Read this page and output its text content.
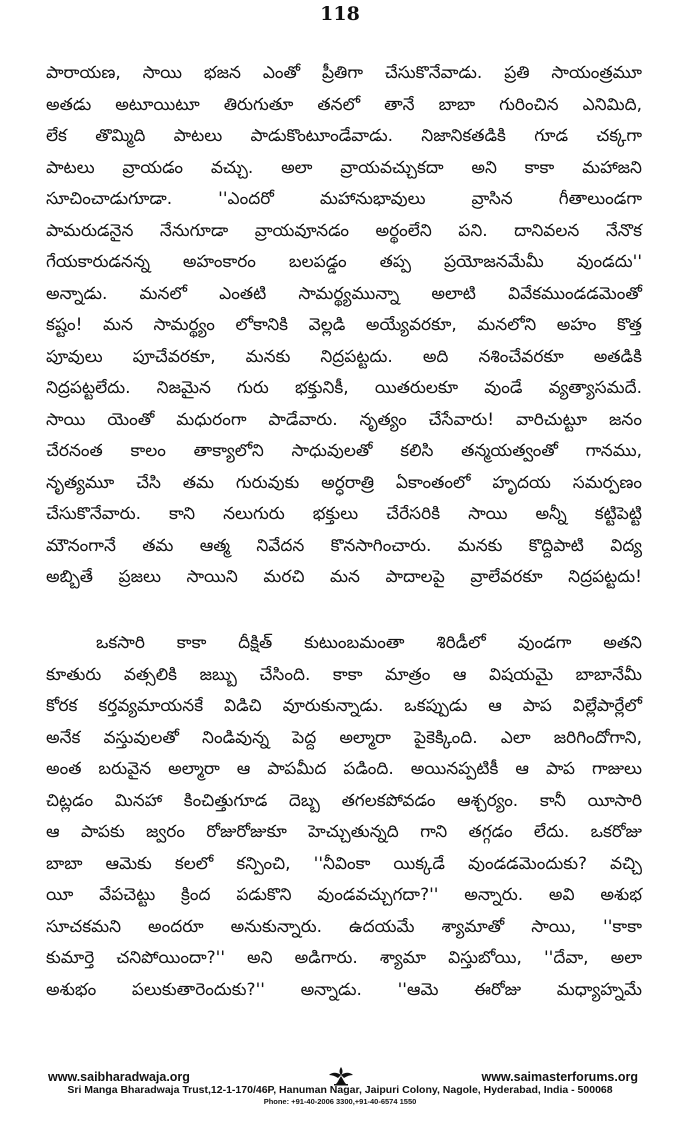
118
పారాయణ, సాయి భజన ఎంతో ప్రీతిగా చేసుకొనేవాడు. ప్రతి సాయంత్రమూ
అతడు అటూయిటూ తిరుగుతూ తనలో తానే బాబా గురించిన ఎనిమిది,
లేక తొమ్మిది పాటలు పాడుకొంటూండేవాడు. నిజానికతడికి గూడ చక్కగా
పాటలు వ్రాయడం వచ్చు. అలా వ్రాయవచ్చుకదా అని కాకా మహాజని
సూచించాడుగూడా. ''ఎందరో మహానుభావులు వ్రాసిన గీతాలుండగా
పామరుడనైన నేనుగూడా వ్రాయవూనడం అర్థంలేని పని. దానివలన నేనొక
గేయకారుడనన్న అహంకారం బలపడ్డం తప్ప ప్రయోజనమేమీ వుండదు''
అన్నాడు. మనలో ఎంతటి సామర్థ్యమున్నా అలాటి వివేకముండడమెంతో
కష్టం! మన సామర్థ్యం లోకానికి వెల్లడి అయ్యేవరకూ, మనలోని అహం కొత్త
పూవులు పూచేవరకూ, మనకు నిద్రపట్టదు. అది నశించేవరకూ అతడికి
నిద్రపట్టలేదు. నిజమైన గురు భక్తునికీ, యితరులకూ వుండే వ్యత్యాసమదే.
సాయి యెంతో మధురంగా పాడేవారు. నృత్యం చేసేవారు! వారిచుట్టూ జనం
చేరనంత కాలం తాక్యాలోని సాధువులతో కలిసి తన్మయత్వంతో గానము,
నృత్యమూ చేసి తమ గురువుకు అర్ధరాత్రి ఏకాంతంలో హృదయ సమర్పణం
చేసుకొనేవారు. కాని నలుగురు భక్తులు చేరేసరికి సాయి అన్నీ కట్టిపెట్టి
మౌనంగానే తమ ఆత్మ నివేదన కొనసాగించారు. మనకు కొద్దిపాటి విద్య
అబ్బితే ప్రజలు సాయిని మరచి మన పాదాలపై వ్రాలేవరకూ నిద్రపట్టదు!
ఒకసారి కాకా దీక్షిత్ కుటుంబమంతా శిరిడీలో వుండగా అతని
కూతురు వత్సలికి జబ్బు చేసింది. కాకా మాత్రం ఆ విషయమై బాబానేమీ
కోరక కర్తవ్యమాయనకే విడిచి వూరుకున్నాడు. ఒకప్పుడు ఆ పాప విల్లేపార్లేలో
అనేక వస్తువులతో నిండివున్న పెద్ద అల్మారా పైకెక్కింది. ఎలా జరిగిందోగాని,
అంత బరువైన అల్మారా ఆ పాపమీద పడింది. అయినప్పటికీ ఆ పాప గాజులు
చిట్లడం మినహా కించిత్తుగూడ దెబ్బ తగలకపోవడం ఆశ్చర్యం. కానీ యీసారి
ఆ పాపకు జ్వరం రోజురోజుకూ హెచ్చుతున్నది గాని తగ్గడం లేదు. ఒకరోజు
బాబా ఆమెకు కలలో కన్పించి, ''నీవింకా యిక్కడే వుండడమెందుకు? వచ్చి
యీ వేపచెట్టు క్రింద పడుకొని వుండవచ్చుగదా?'' అన్నారు. అవి అశుభ
సూచకమని అందరూ అనుకున్నారు. ఉదయమే శ్యామాతో సాయి, ''కాకా
కుమార్తె చనిపోయిందా?'' అని అడిగారు. శ్యామా విస్తుబోయి, ''దేవా, అలా
అశుభం పలుకుతారెందుకు?'' అన్నాడు. ''ఆమె ఈరోజు మధ్యాహ్నమే
www.saibharadwaja.org	www.saimasterforums.org
Sri Manga Bharadwaja Trust,12-1-170/46P, Hanuman Nagar, Jaipuri Colony, Nagole, Hyderabad, India - 500068
Phone: +91-40-2006 3300,+91-40-6574 1550
